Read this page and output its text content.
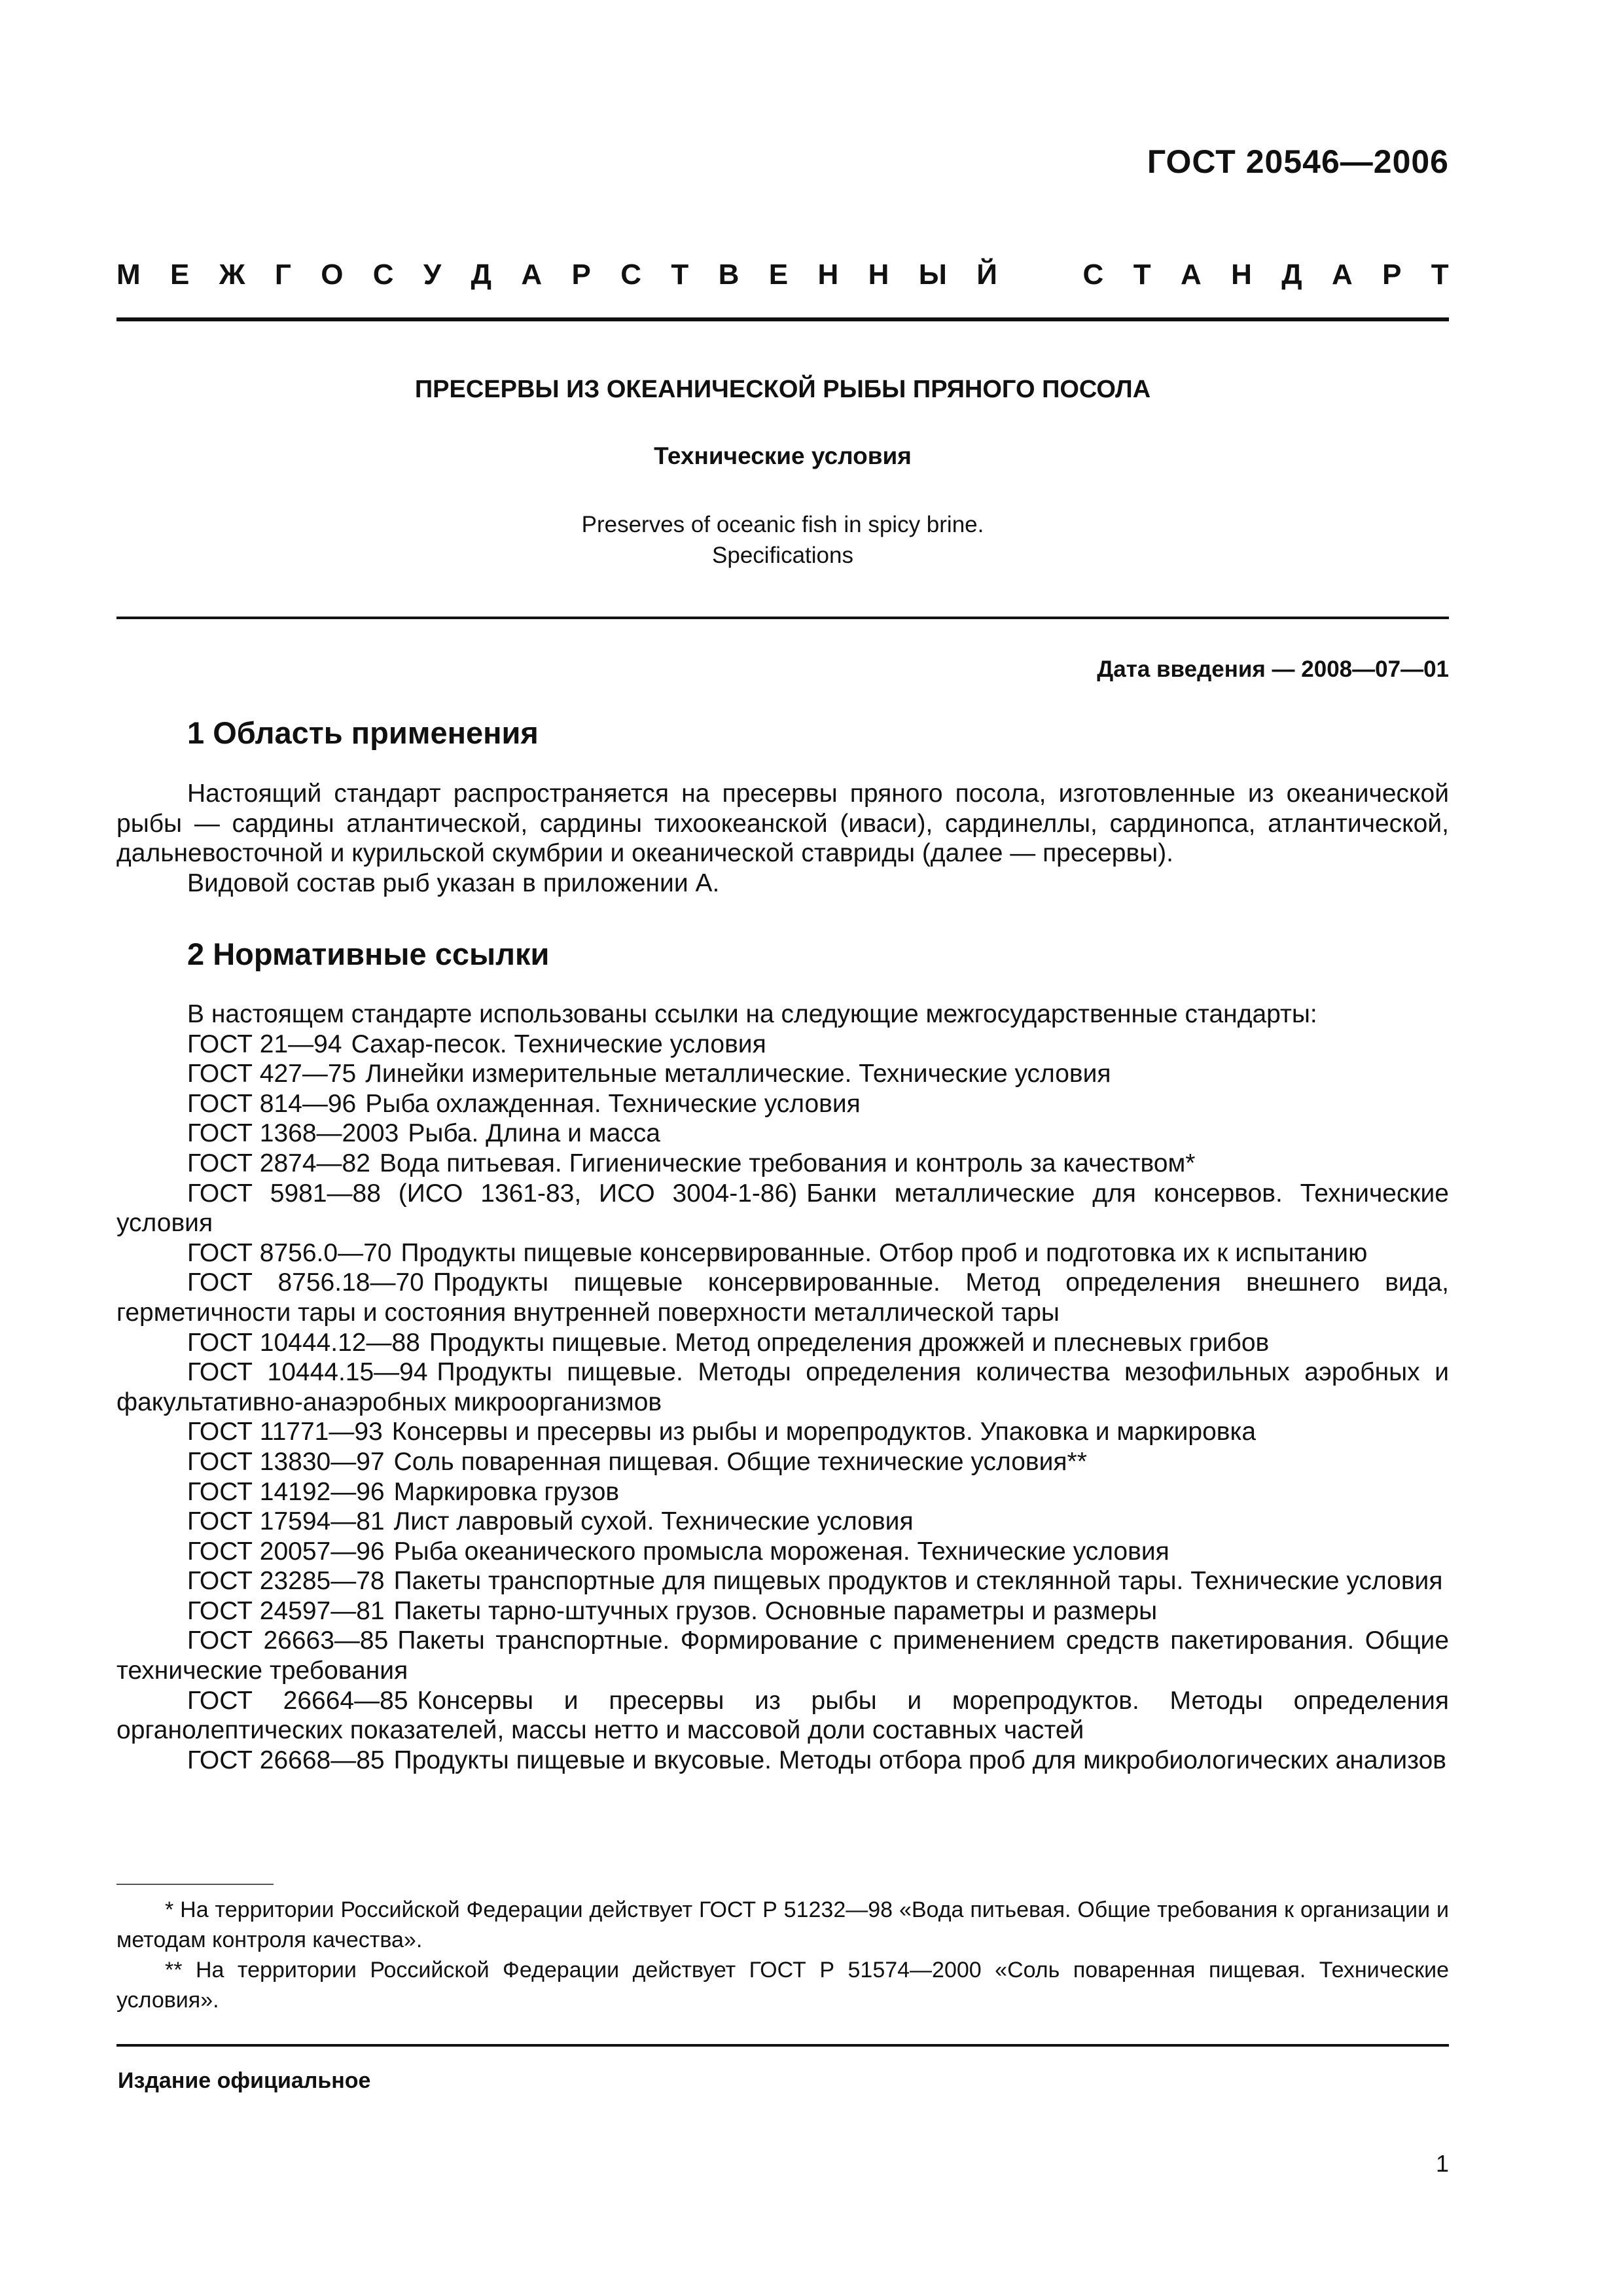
ГОСТ 20546—2006
М Е Ж Г О С У Д А Р С Т В Е Н Н Ы Й	С Т А Н Д А Р Т
ПРЕСЕРВЫ ИЗ ОКЕАНИЧЕСКОЙ РЫБЫ ПРЯНОГО ПОСОЛА
Технические условия
Preserves of oceanic fish in spicy brine.
Specifications
Дата введения — 2008—07—01
1 Область применения

Настоящий стандарт распространяется на пресервы пряного посола, изготовленные из океанической рыбы — сардины атлантической, сардины тихоокеанской (иваси), сардинеллы, сардинопса, атлантической, дальневосточной и курильской скумбрии и океанической ставриды (далее — пресервы).

Видовой состав рыб указан в приложении А.

2 Нормативные ссылки

В настоящем стандарте использованы ссылки на следующие межгосударственные стандарты:

ГОСТ 21—94 Сахар-песок. Технические условия

ГОСТ 427—75 Линейки измерительные металлические. Технические условия

ГОСТ 814—96 Рыба охлажденная. Технические условия

ГОСТ 1368—2003 Рыба. Длина и масса

ГОСТ 2874—82 Вода питьевая. Гигиенические требования и контроль за качеством*

ГОСТ 5981—88 (ИСО 1361-83, ИСО 3004-1-86) Банки металлические для консервов. Технические условия

ГОСТ 8756.0—70 Продукты пищевые консервированные. Отбор проб и подготовка их к испытанию

ГОСТ 8756.18—70 Продукты пищевые консервированные. Метод определения внешнего вида, герметичности тары и состояния внутренней поверхности металлической тары

ГОСТ 10444.12—88 Продукты пищевые. Метод определения дрожжей и плесневых грибов

ГОСТ 10444.15—94 Продукты пищевые. Методы определения количества мезофильных аэробных и факультативно-анаэробных микроорганизмов

ГОСТ 11771—93 Консервы и пресервы из рыбы и морепродуктов. Упаковка и маркировка

ГОСТ 13830—97 Соль поваренная пищевая. Общие технические условия**

ГОСТ 14192—96 Маркировка грузов

ГОСТ 17594—81 Лист лавровый сухой. Технические условия

ГОСТ 20057—96 Рыба океанического промысла мороженая. Технические условия

ГОСТ 23285—78 Пакеты транспортные для пищевых продуктов и стеклянной тары. Технические условия

ГОСТ 24597—81 Пакеты тарно-штучных грузов. Основные параметры и размеры

ГОСТ 26663—85 Пакеты транспортные. Формирование с применением средств пакетирования. Общие технические требования

ГОСТ 26664—85 Консервы и пресервы из рыбы и морепродуктов. Методы определения органолептических показателей, массы нетто и массовой доли составных частей

ГОСТ 26668—85 Продукты пищевые и вкусовые. Методы отбора проб для микробиологических анализов

* На территории Российской Федерации действует ГОСТ Р 51232—98 «Вода питьевая. Общие требования к организации и методам контроля качества».

** На территории Российской Федерации действует ГОСТ Р 51574—2000 «Соль поваренная пищевая. Технические условия».

Издание официальное
1
